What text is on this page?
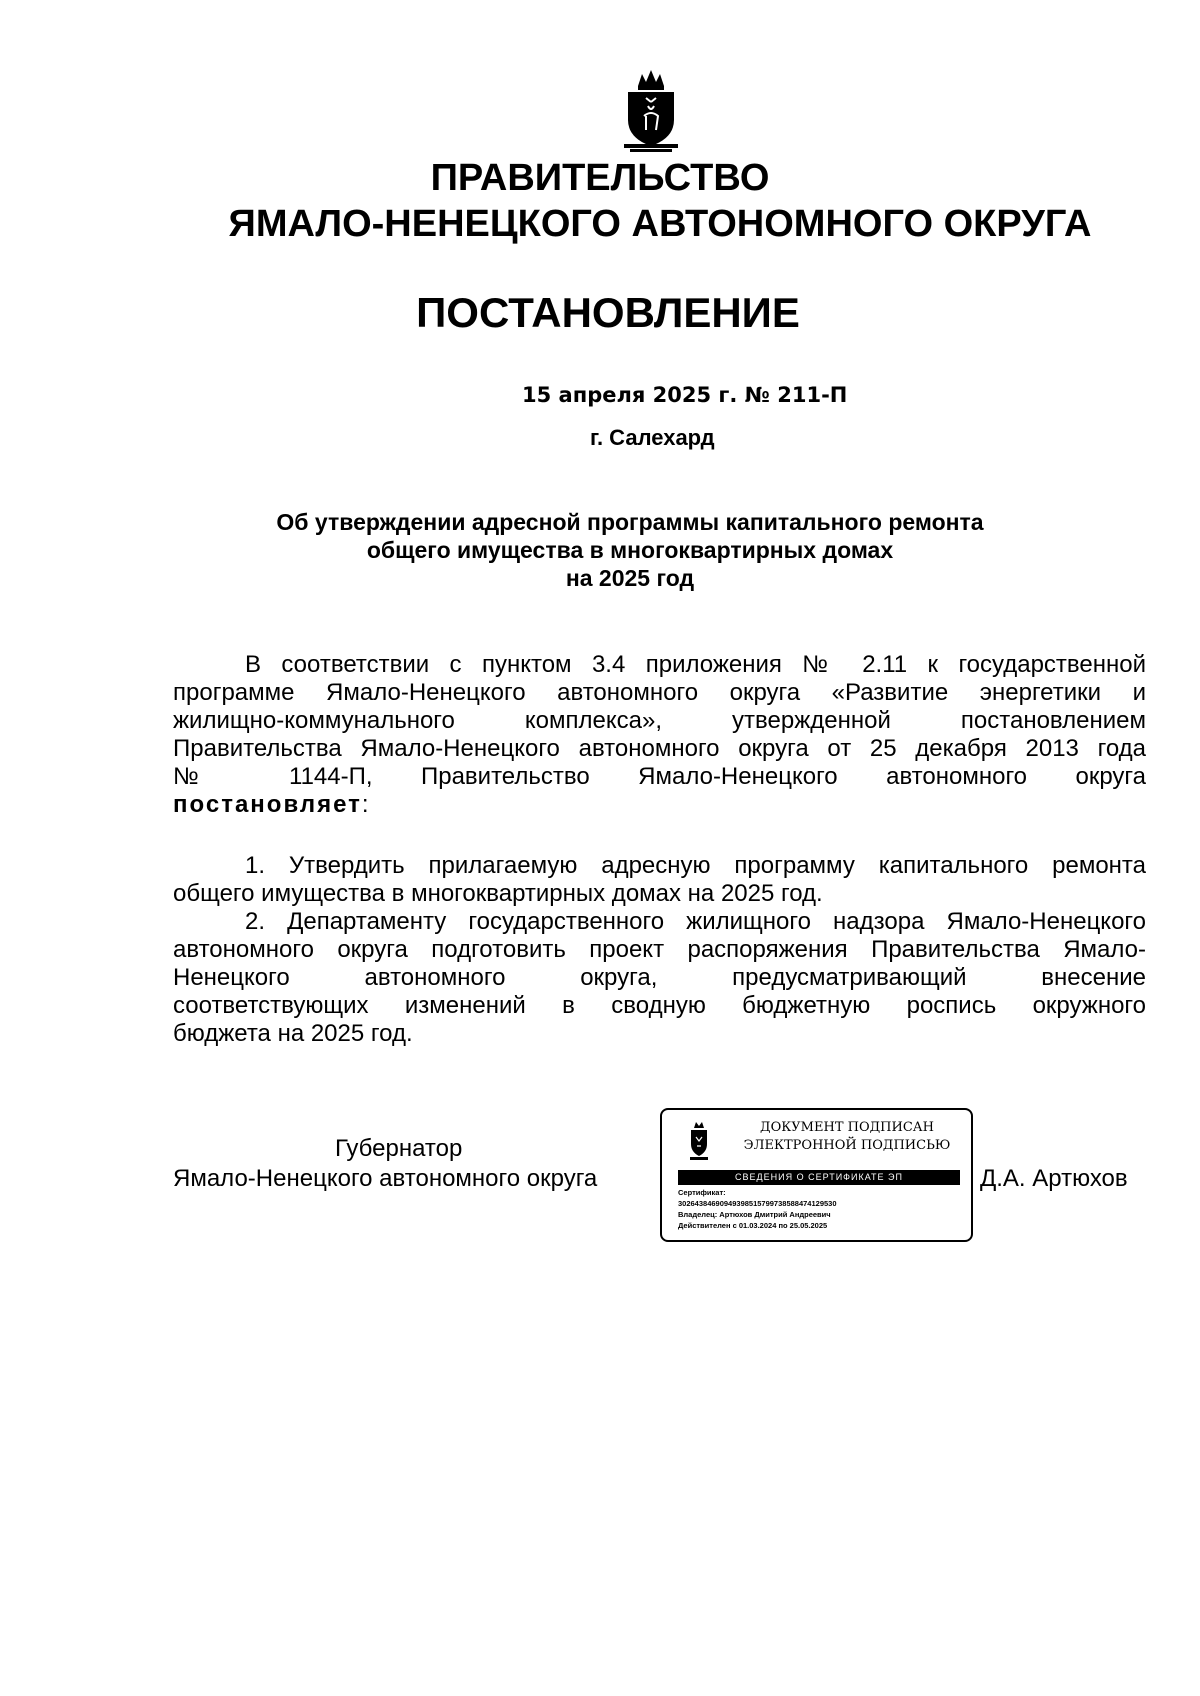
ПРАВИТЕЛЬСТВО
ЯМАЛО-НЕНЕЦКОГО АВТОНОМНОГО ОКРУГА
ПОСТАНОВЛЕНИЕ
15 апреля 2025 г. № 211-П
г. Салехард
Об утверждении адресной программы капитального ремонта
общего имущества в многоквартирных домах
на 2025 год
В соответствии с пунктом 3.4 приложения № 2.11 к государственной
программе Ямало-Ненецкого автономного округа «Развитие энергетики и
жилищно-коммунального комплекса», утвержденной постановлением
Правительства Ямало-Ненецкого автономного округа от 25 декабря 2013 года
№ 1144-П, Правительство Ямало-Ненецкого автономного округа
постановляет:
1. Утвердить прилагаемую адресную программу капитального ремонта
общего имущества в многоквартирных домах на 2025 год.
2. Департаменту государственного жилищного надзора Ямало-Ненецкого
автономного округа подготовить проект распоряжения Правительства Ямало-
Ненецкого автономного округа, предусматривающий внесение
соответствующих изменений в сводную бюджетную роспись окружного
бюджета на 2025 год.
Губернатор
Ямало-Ненецкого автономного округа	Д.А. Артюхов
ДОКУМЕНТ ПОДПИСАН
ЭЛЕКТРОННОЙ ПОДПИСЬЮ
СВЕДЕНИЯ О СЕРТИФИКАТЕ ЭП
Сертификат:
30264384690949398515799738588474129530
Владелец: Артюхов Дмитрий Андреевич
Действителен с 01.03.2024 по 25.05.2025
